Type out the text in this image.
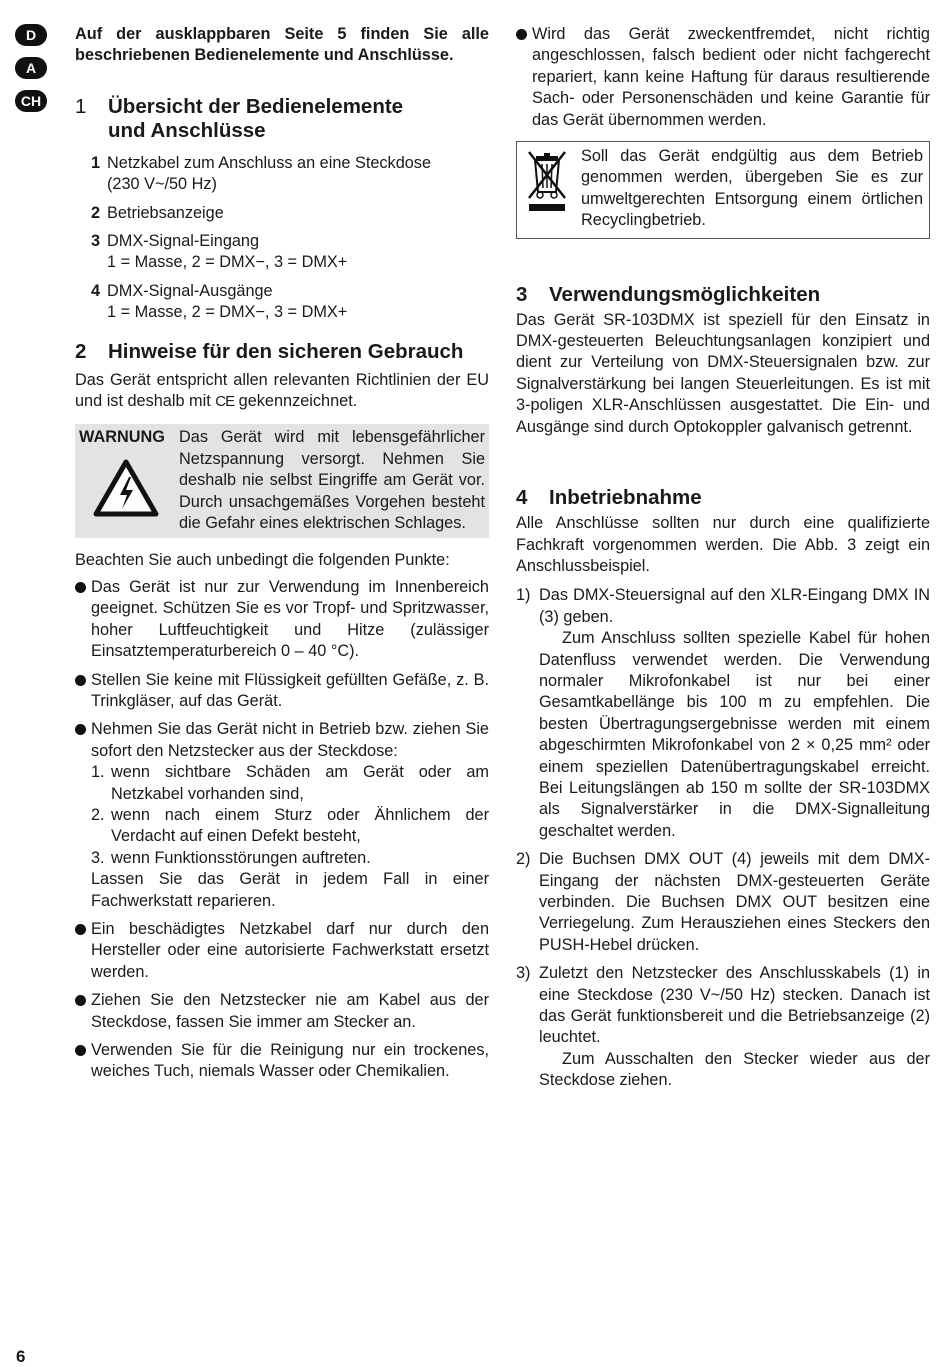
D
A
CH

Auf der ausklappbaren Seite 5 finden Sie alle beschriebenen Bedienelemente und Anschlüsse.

1	Übersicht der Bedienelemente
und Anschlüsse
1 Netzkabel zum Anschluss an eine Steckdose
(230 V~/50 Hz)
2 Betriebsanzeige
3 DMX-Signal-Eingang
1 = Masse, 2 = DMX−, 3 = DMX+
4 DMX-Signal-Ausgänge
1 = Masse, 2 = DMX−, 3 = DMX+
2	Hinweise für den sicheren Gebrauch

Das Gerät entspricht allen relevanten Richtlinien der EU und ist deshalb mit CE gekennzeichnet.

WARNUNG Das Gerät wird mit lebensgefährlicher Netzspannung versorgt. Nehmen Sie deshalb nie selbst Eingriffe am Gerät vor. Durch unsachgemäßes Vorgehen besteht die Gefahr eines elektrischen Schlages.

Beachten Sie auch unbedingt die folgenden Punkte:

Das Gerät ist nur zur Verwendung im Innenbereich geeignet. Schützen Sie es vor Tropf- und Spritzwasser, hoher Luftfeuchtigkeit und Hitze (zulässiger Einsatztemperaturbereich 0 – 40 °C).

Stellen Sie keine mit Flüssigkeit gefüllten Gefäße, z. B. Trinkgläser, auf das Gerät.

Nehmen Sie das Gerät nicht in Betrieb bzw. ziehen Sie sofort den Netzstecker aus der Steckdose:

1. wenn sichtbare Schäden am Gerät oder am Netzkabel vorhanden sind,
2. wenn nach einem Sturz oder Ähnlichem der Verdacht auf einen Defekt besteht,
3. wenn Funktionsstörungen auftreten.

Lassen Sie das Gerät in jedem Fall in einer Fachwerkstatt reparieren.

Ein beschädigtes Netzkabel darf nur durch den Hersteller oder eine autorisierte Fachwerkstatt ersetzt werden.

Ziehen Sie den Netzstecker nie am Kabel aus der Steckdose, fassen Sie immer am Stecker an.

Verwenden Sie für die Reinigung nur ein trockenes, weiches Tuch, niemals Wasser oder Chemikalien.

Wird das Gerät zweckentfremdet, nicht richtig angeschlossen, falsch bedient oder nicht fachgerecht repariert, kann keine Haftung für daraus resultierende Sach- oder Personenschäden und keine Garantie für das Gerät übernommen werden.

Soll das Gerät endgültig aus dem Betrieb genommen werden, übergeben Sie es zur umweltgerechten Entsorgung einem örtlichen Recyclingbetrieb.

3	Verwendungsmöglichkeiten

Das Gerät SR-103DMX ist speziell für den Einsatz in DMX-gesteuerten Beleuchtungsanlagen konzipiert und dient zur Verteilung von DMX-Steuersignalen bzw. zur Signalverstärkung bei langen Steuerleitungen. Es ist mit 3-poligen XLR-Anschlüssen ausgestattet. Die Ein- und Ausgänge sind durch Optokoppler galvanisch getrennt.

4	Inbetriebnahme

Alle Anschlüsse sollten nur durch eine qualifizierte Fachkraft vorgenommen werden. Die Abb. 3 zeigt ein Anschlussbeispiel.

1) Das DMX-Steuersignal auf den XLR-Eingang DMX IN (3) geben.

Zum Anschluss sollten spezielle Kabel für hohen Datenfluss verwendet werden. Die Verwendung normaler Mikrofonkabel ist nur bei einer Gesamtkabellänge bis 100 m zu empfehlen. Die besten Übertragungsergebnisse werden mit einem abgeschirmten Mikrofonkabel von 2 × 0,25 mm² oder einem speziellen Datenübertragungskabel erreicht. Bei Leitungslängen ab 150 m sollte der SR-103DMX als Signalverstärker in die DMX-Signalleitung geschaltet werden.

2) Die Buchsen DMX OUT (4) jeweils mit dem DMX-Eingang der nächsten DMX-gesteuerten Geräte verbinden. Die Buchsen DMX OUT besitzen eine Verriegelung. Zum Herausziehen eines Steckers den PUSH-Hebel drücken.

3) Zuletzt den Netzstecker des Anschlusskabels (1) in eine Steckdose (230 V~/50 Hz) stecken. Danach ist das Gerät funktionsbereit und die Betriebsanzeige (2) leuchtet.

Zum Ausschalten den Stecker wieder aus der Steckdose ziehen.

6
